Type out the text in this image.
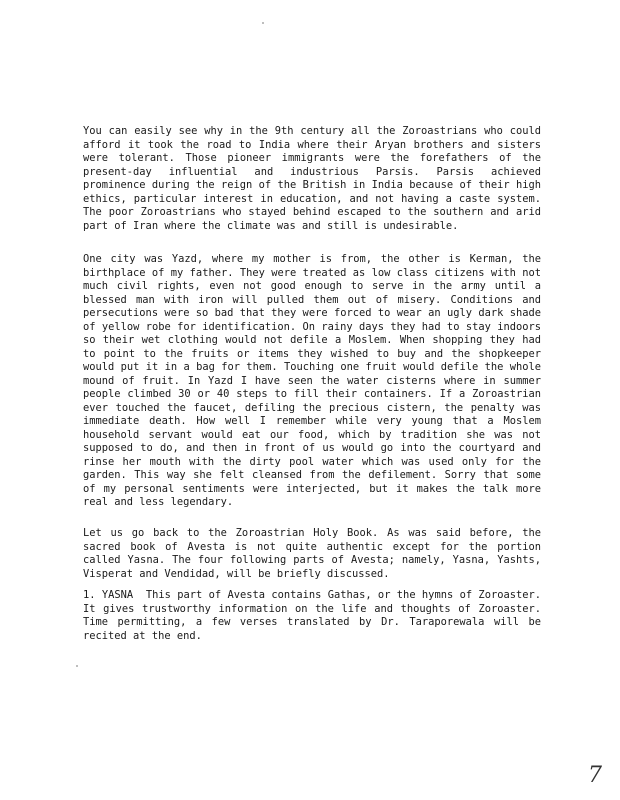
You can easily see why in the 9th century all the Zoroastrians who could afford it took the road to India where their Aryan brothers and sisters were tolerant. Those pioneer immigrants were the forefathers of the present-day influential and industrious Parsis. Parsis achieved prominence during the reign of the British in India because of their high ethics, particular interest in education, and not having a caste system. The poor Zoroastrians who stayed behind escaped to the southern and arid part of Iran where the climate was and still is undesirable.

One city was Yazd, where my mother is from, the other is Kerman, the birthplace of my father. They were treated as low class citizens with not much civil rights, even not good enough to serve in the army until a blessed man with iron will pulled them out of misery. Conditions and persecutions were so bad that they were forced to wear an ugly dark shade of yellow robe for identification. On rainy days they had to stay indoors so their wet clothing would not defile a Moslem. When shopping they had to point to the fruits or items they wished to buy and the shopkeeper would put it in a bag for them. Touching one fruit would defile the whole mound of fruit. In Yazd I have seen the water cisterns where in summer people climbed 30 or 40 steps to fill their containers. If a Zoroastrian ever touched the faucet, defiling the precious cistern, the penalty was immediate death. How well I remember while very young that a Moslem household servant would eat our food, which by tradition she was not supposed to do, and then in front of us would go into the courtyard and rinse her mouth with the dirty pool water which was used only for the garden. This way she felt cleansed from the defilement. Sorry that some of my personal sentiments were interjected, but it makes the talk more real and less legendary.

Let us go back to the Zoroastrian Holy Book. As was said before, the sacred book of Avesta is not quite authentic except for the portion called Yasna. The four following parts of Avesta; namely, Yasna, Yashts, Visperat and Vendidad, will be briefly discussed.

1. YASNA  This part of Avesta contains Gathas, or the hymns of Zoroaster. It gives trustworthy information on the life and thoughts of Zoroaster. Time permitting, a few verses translated by Dr. Taraporewala will be recited at the end.

7
